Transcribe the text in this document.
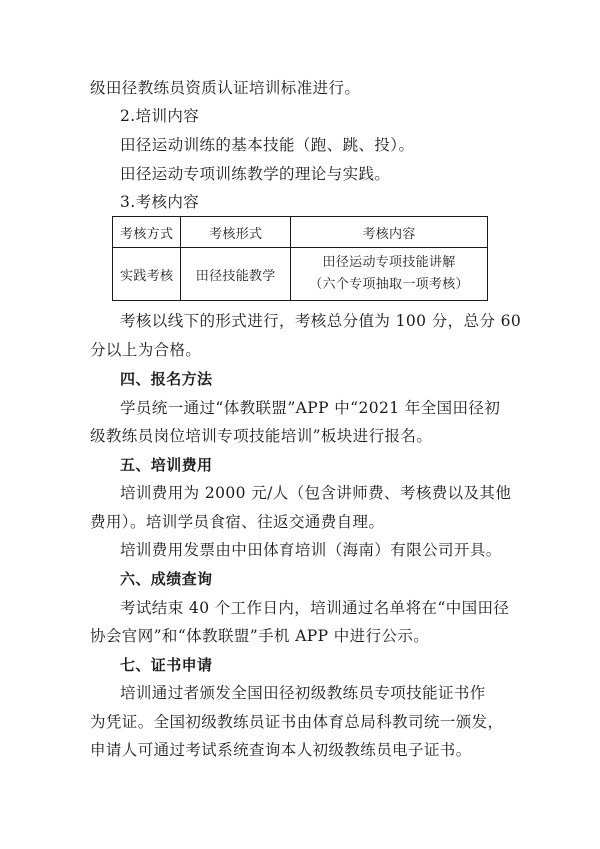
级田径教练员资质认证培训标准进行。
2.培训内容
田径运动训练的基本技能（跑、跳、投）。
田径运动专项训练教学的理论与实践。
3.考核内容
考核方式	考核形式	考核内容
实践考核	田径技能教学	田径运动专项技能讲解
（六个专项抽取一项考核）
考核以线下的形式进行，考核总分值为 100 分，总分 60
分以上为合格。
四、报名方法
学员统一通过“体教联盟”APP 中“2021 年全国田径初
级教练员岗位培训专项技能培训”板块进行报名。
五、培训费用
培训费用为 2000 元/人（包含讲师费、考核费以及其他
费用）。培训学员食宿、往返交通费自理。
培训费用发票由中田体育培训（海南）有限公司开具。
六、成绩查询
考试结束 40 个工作日内，培训通过名单将在“中国田径
协会官网”和“体教联盟”手机 APP 中进行公示。
七、证书申请
培训通过者颁发全国田径初级教练员专项技能证书作
为凭证。全国初级教练员证书由体育总局科教司统一颁发，
申请人可通过考试系统查询本人初级教练员电子证书。
